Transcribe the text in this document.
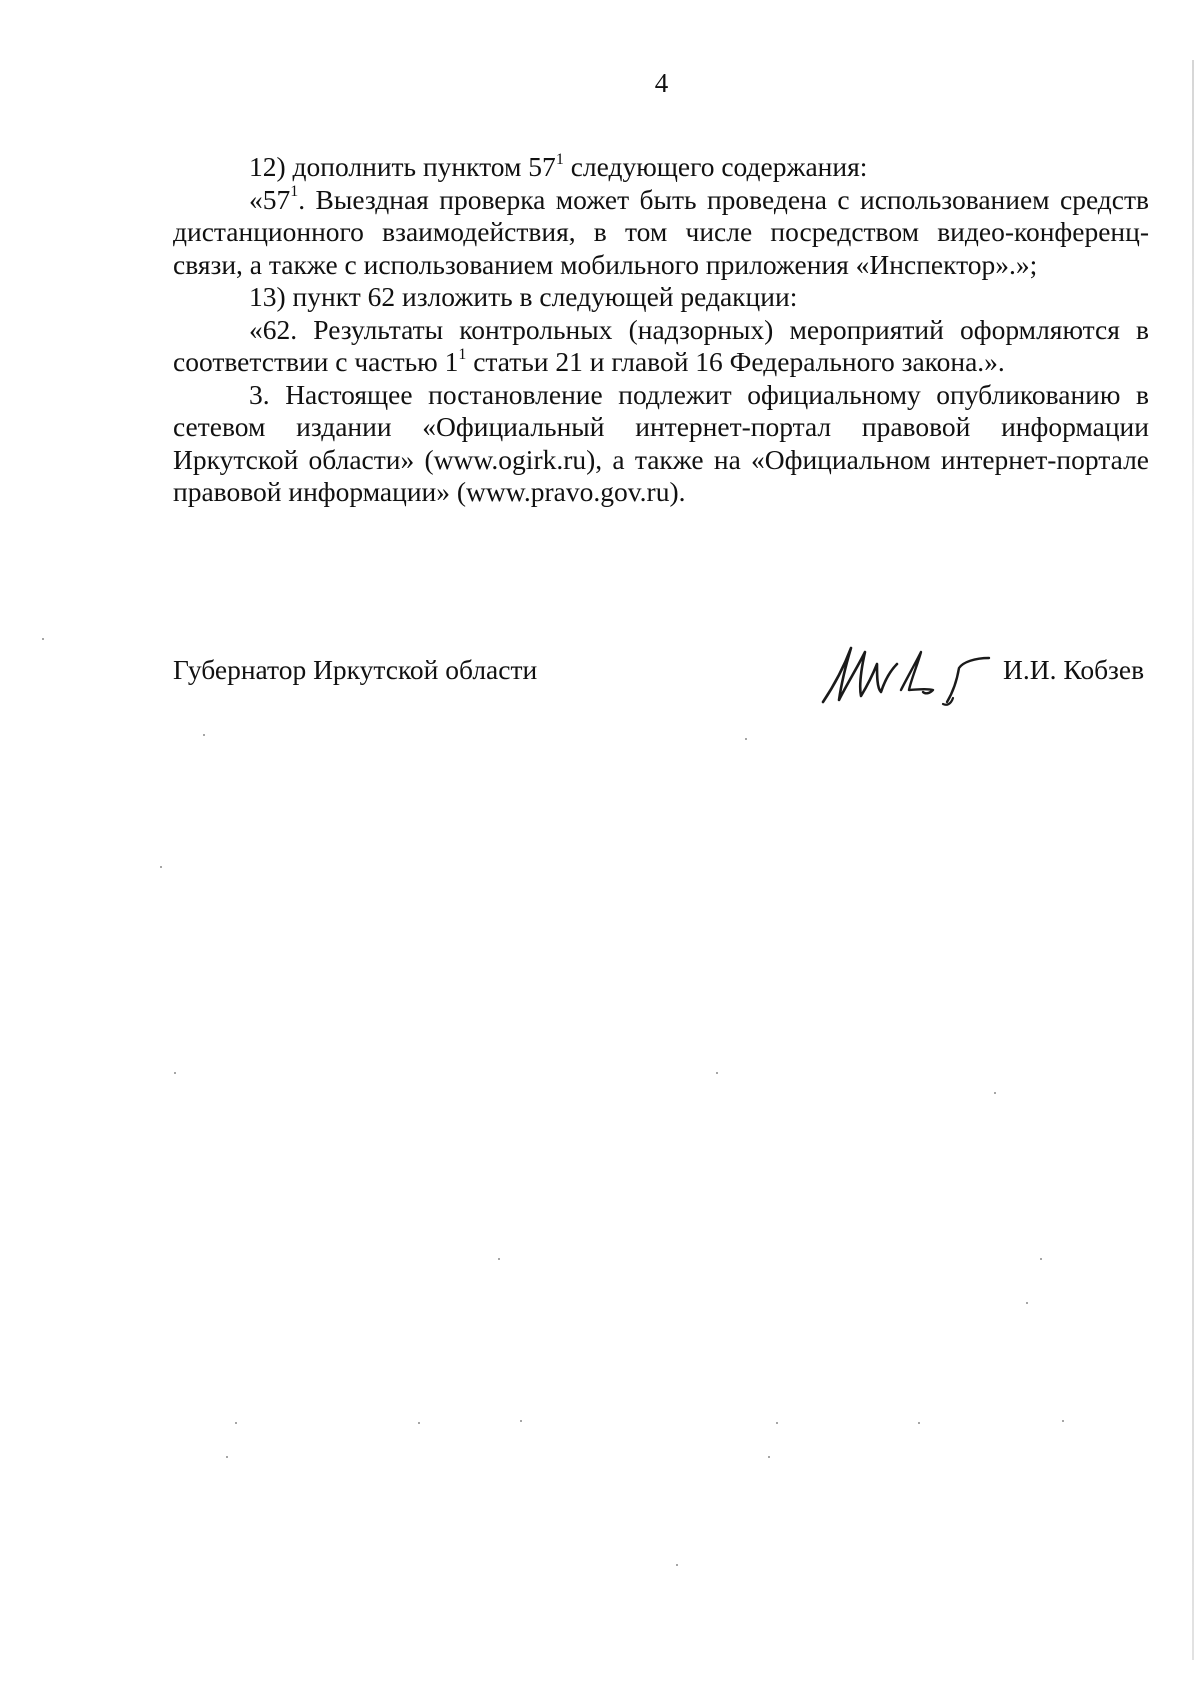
4

12) дополнить пунктом $57^1$ следующего содержания:

«$57^1$. Выездная проверка может быть проведена с использованием средств дистанционного взаимодействия, в том числе посредством видео-конференц-связи, а также с использованием мобильного приложения «Инспектор».»;

13) пункт 62 изложить в следующей редакции:

«62. Результаты контрольных (надзорных) мероприятий оформляются в соответствии с частью $1^1$ статьи 21 и главой 16 Федерального закона.».

3. Настоящее постановление подлежит официальному опубликованию в сетевом издании «Официальный интернет-портал правовой информации Иркутской области» (www.ogirk.ru), а также на «Официальном интернет-портале правовой информации» (www.pravo.gov.ru).

Губернатор Иркутской области	И.И. Кобзев
